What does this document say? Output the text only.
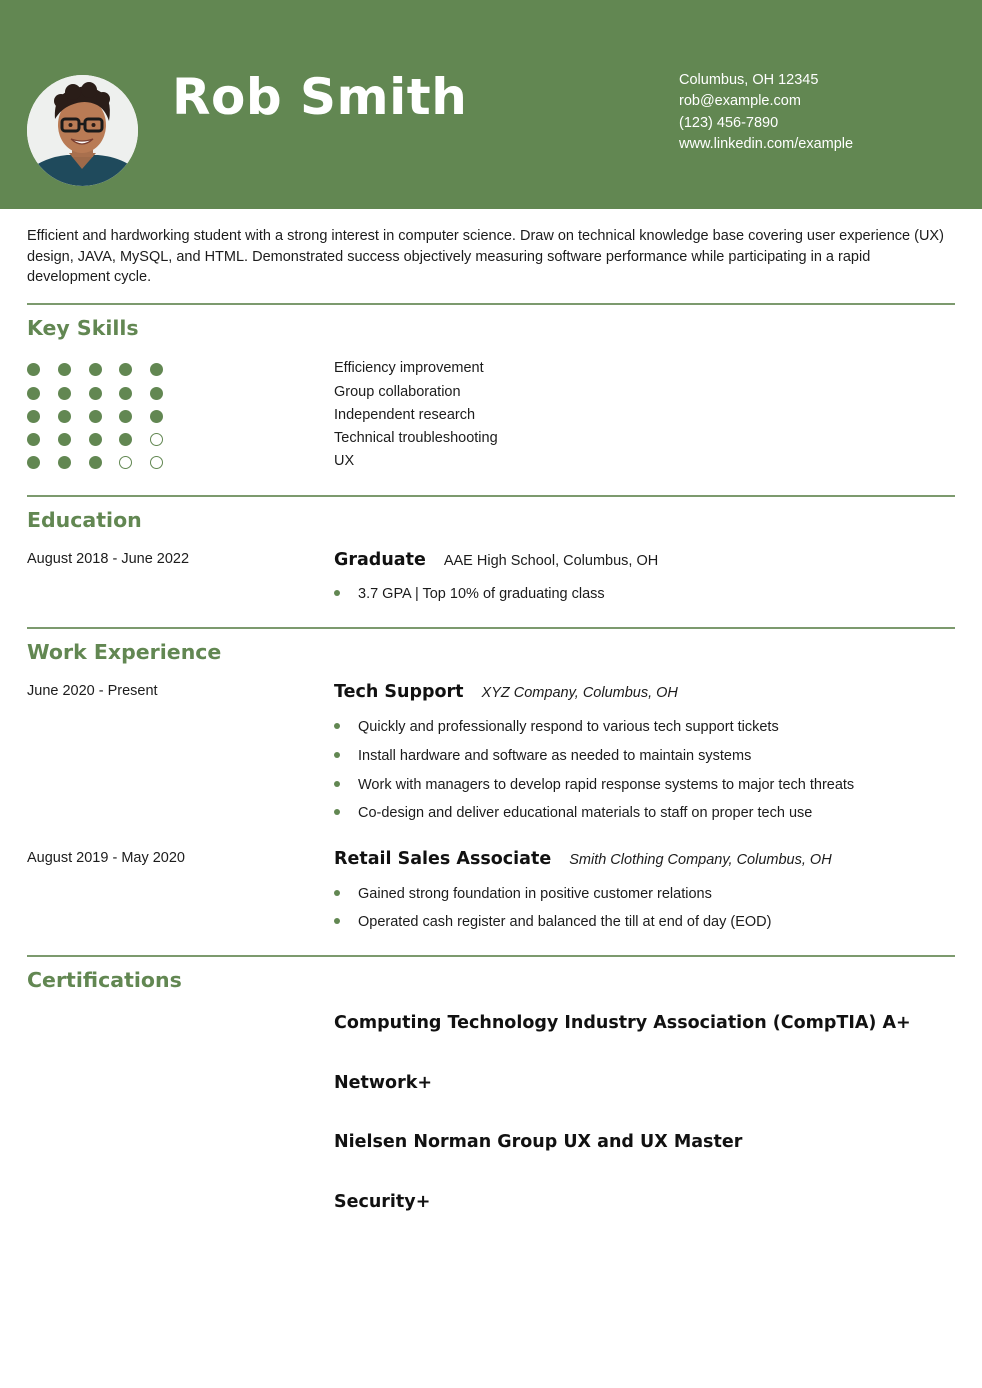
Rob Smith	Columbus, OH 12345
rob@example.com
(123) 456-7890
www.linkedin.com/example

Efficient and hardworking student with a strong interest in computer science. Draw on technical knowledge base covering user experience (UX) design, JAVA, MySQL, and HTML. Demonstrated success objectively measuring software performance while participating in a rapid development cycle.

Key Skills
Efficiency improvement
Group collaboration
Independent research
Technical troubleshooting
UX
Education
August 2018 - June 2022	Graduate AAE High School, Columbus, OH
3.7 GPA | Top 10% of graduating class
Work Experience
June 2020 - Present	Tech Support XYZ Company, Columbus, OH
Quickly and professionally respond to various tech support tickets
Install hardware and software as needed to maintain systems
Work with managers to develop rapid response systems to major tech threats
Co-design and deliver educational materials to staff on proper tech use
August 2019 - May 2020	Retail Sales Associate Smith Clothing Company, Columbus, OH
Gained strong foundation in positive customer relations
Operated cash register and balanced the till at end of day (EOD)
Certifications
Computing Technology Industry Association (CompTIA) A+
Network+
Nielsen Norman Group UX and UX Master
Security+
